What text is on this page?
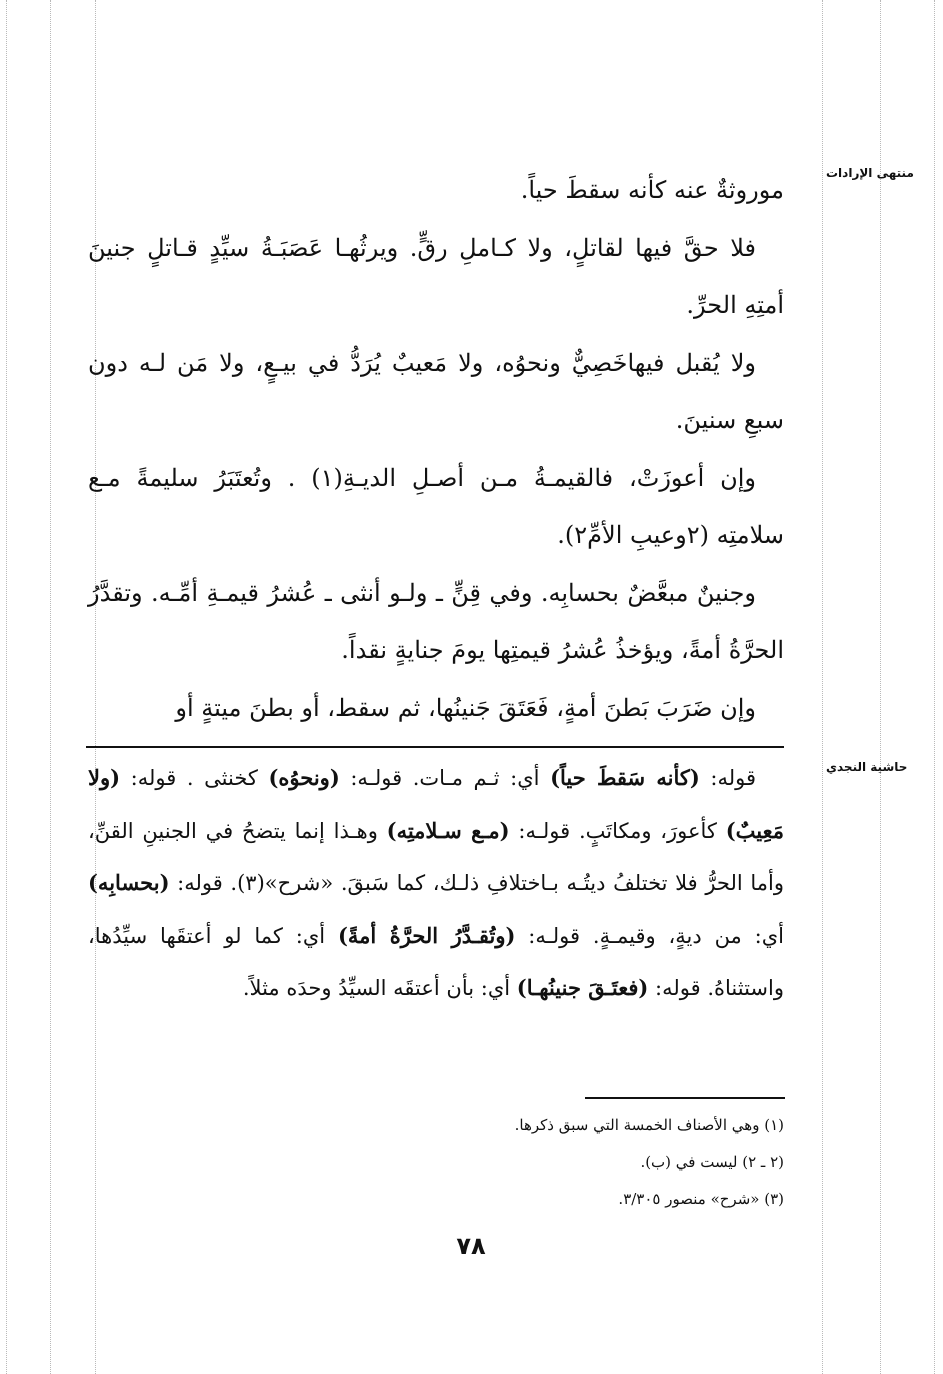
منتهى الإرادات

موروثةٌ عنه كأنه سقطَ حياً.

فلا حقَّ فيها لقاتلٍ، ولا كـاملِ رقٍّ. ويرثُهـا عَصَبَـةُ سيِّدٍ قـاتلٍ جنينَ أمتِهِ الحرِّ.

ولا يُقبل فيهاخَصِيٌّ ونحوُه، ولا مَعيبٌ يُرَدُّ في بيـعٍ، ولا مَن لـه دون سبعِ سنينَ.

وإن أعوزَتْ، فالقيمـةُ مـن أصـلِ الديـةِ(١) . وتُعتَبَرُ سليمةً مـع سلامتِه (٢وعيبِ الأمِّ٢).

وجنينٌ مبعَّضٌ بحسابِه. وفي قِنٍّ ـ ولـو أنثى ـ عُشرُ قيمـةِ أمِّـه. وتقدَّرُ الحرَّةُ أمةً، ويؤخذُ عُشرُ قيمتِها يومَ جنايةٍ نقداً.

وإن ضَرَبَ بَطنَ أمةٍ، فَعَتَقَ جَنينُها، ثم سقط، أو بطنَ ميتةٍ أو

حاشية النجدي

قوله: (كأنه سَقطَ حياً) أي: ثـم مـات. قولـه: (ونحوُه) كخنثى . قوله: (ولا مَعِيبٌ) كأعورَ، ومكاتَبٍ. قولـه: (مـع سـلامتِه) وهـذا إنما يتضحُ في الجنينِ القنِّ، وأما الحرُّ فلا تختلفُ ديتُـه بـاختلافِ ذلـك، كما سَبقَ. «شرح»(٣). قوله: (بحسابِه) أي: من ديةٍ، وقيمـةٍ. قولـه: (وتُقـدَّرُ الحرَّةُ أمةً) أي: كما لو أعتقَها سيِّدُها، واستثناهُ. قوله: (فعتَـقَ جنينُهـا) أي: بأن أعتقَه السيِّدُ وحدَه مثلاً.

(١) وهي الأصناف الخمسة التي سبق ذكرها.
(٢ ـ ٢) ليست في (ب).
(٣) «شرح» منصور ٣/٣٠٥.
٧٨
